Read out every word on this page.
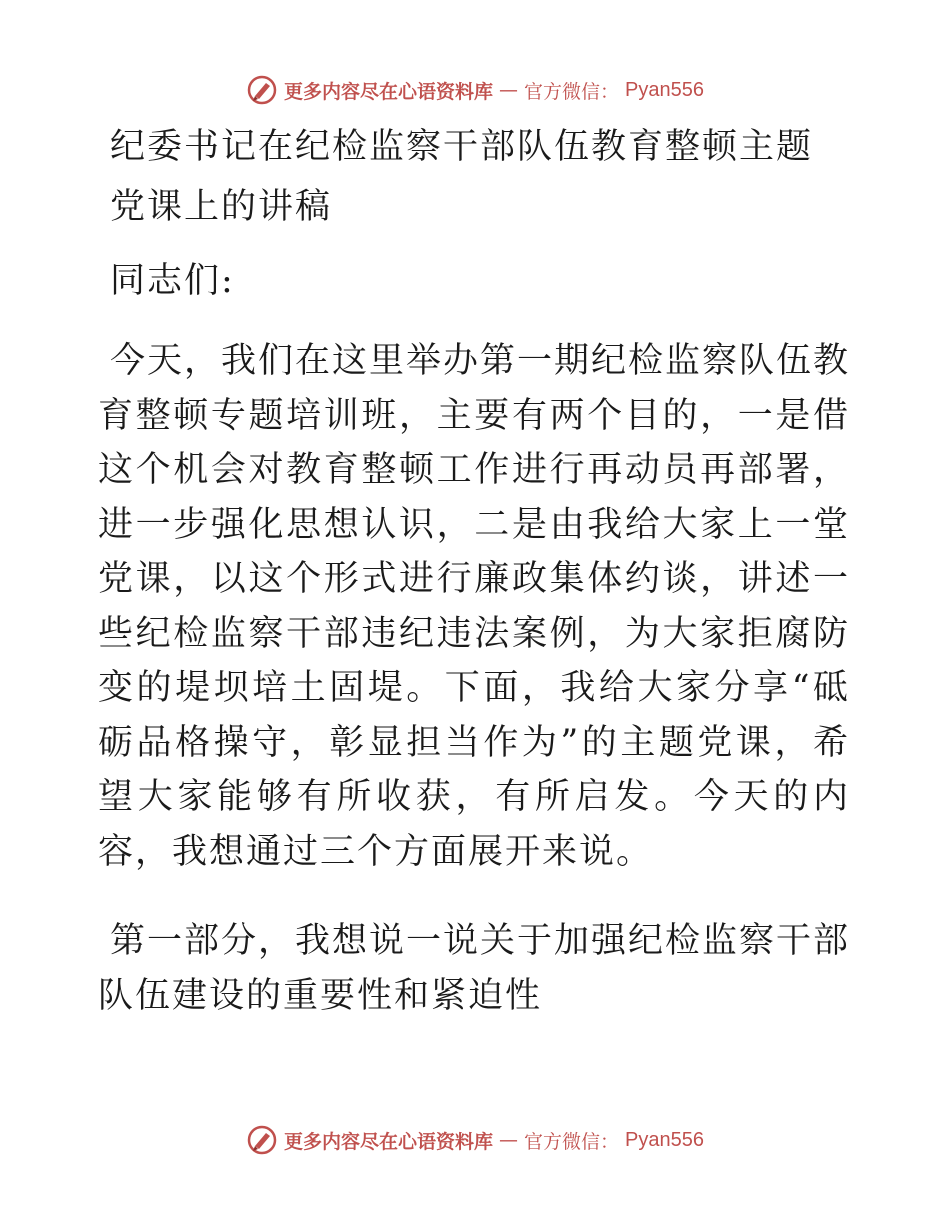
更多内容尽在心语资料库 — 官方微信： Pyan556

纪委书记在纪检监察干部队伍教育整顿主题

党课上的讲稿

同志们:

今天，我们在这里举办第一期纪检监察队伍教育整顿专题培训班，主要有两个目的，一是借这个机会对教育整顿工作进行再动员再部署，进一步强化思想认识，二是由我给大家上一堂党课，以这个形式进行廉政集体约谈，讲述一些纪检监察干部违纪违法案例，为大家拒腐防变的堤坝培土固堤。下面，我给大家分享“砥砺品格操守，彰显担当作为”的主题党课，希望大家能够有所收获，有所启发。今天的内容，我想通过三个方面展开来说。

第一部分，我想说一说关于加强纪检监察干部队伍建设的重要性和紧迫性

更多内容尽在心语资料库 — 官方微信： Pyan556
